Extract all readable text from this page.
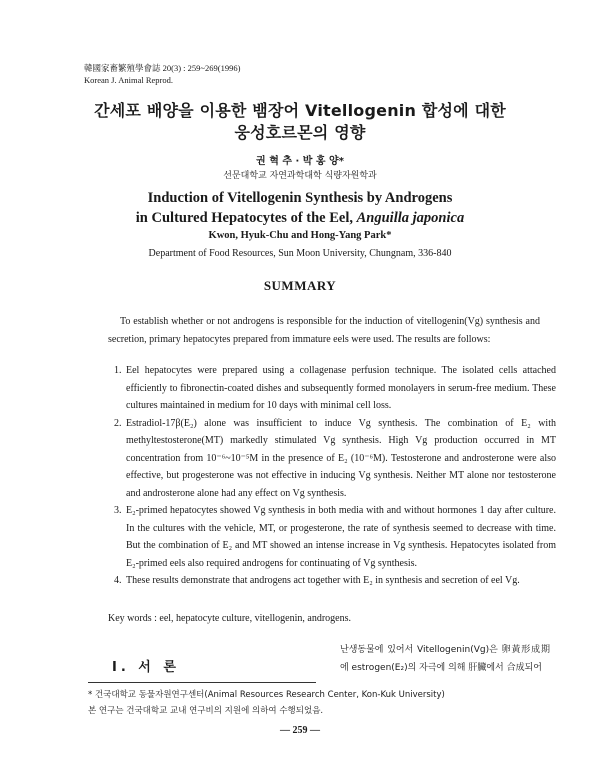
韓國家畜繁殖學會誌 20(3) : 259~269(1996)
Korean J. Animal Reprod.
간세포 배양을 이용한 뱀장어 Vitellogenin 합성에 대한
웅성호르몬의 영향
권 혁 추 · 박 홍 양*
선문대학교 자연과학대학 식량자원학과
Induction of Vitellogenin Synthesis by Androgens
in Cultured Hepatocytes of the Eel, Anguilla japonica
Kwon, Hyuk-Chu and Hong-Yang Park*
Department of Food Resources, Sun Moon University, Chungnam, 336-840
SUMMARY
To establish whether or not androgens is responsible for the induction of vitellogenin(Vg) synthesis and secretion, primary hepatocytes prepared from immature eels were used. The results are follows:
1. Eel hepatocytes were prepared using a collagenase perfusion technique. The isolated cells attached efficiently to fibronectin-coated dishes and subsequently formed monolayers in serum-free medium. These cultures maintained in medium for 10 days with minimal cell loss.
2. Estradiol-17β(E₂) alone was insufficient to induce Vg synthesis. The combination of E₂ with methyltestosterone(MT) markedly stimulated Vg synthesis. High Vg production occurred in MT concentration from 10⁻⁶~10⁻⁵M in the presence of E₂ (10⁻⁶M). Testosterone and androsterone were also effective, but progesterone was not effective in inducing Vg synthesis. Neither MT alone nor testosterone and androsterone alone had any effect on Vg synthesis.
3. E₂-primed hepatocytes showed Vg synthesis in both media with and without hormones 1 day after culture. In the cultures with the vehicle, MT, or progesterone, the rate of synthesis seemed to decrease with time. But the combination of E₂ and MT showed an intense increase in Vg synthesis. Hepatocytes isolated from E₂-primed eels also required androgens for continuating of Vg synthesis.
4. These results demonstrate that androgens act together with E₂ in synthesis and secretion of eel Vg.
Key words : eel, hepatocyte culture, vitellogenin, androgens.
Ⅰ. 서 론
난생동물에 있어서 Vitellogenin(Vg)은 卵黃形成期에 estrogen(E₂)의 자극에 의해 肝臟에서 合成되어
* 건국대학교 동물자원연구센터(Animal Resources Research Center, Kon-Kuk University)
본 연구는 건국대학교 교내 연구비의 지원에 의하여 수행되었음.
— 259 —
